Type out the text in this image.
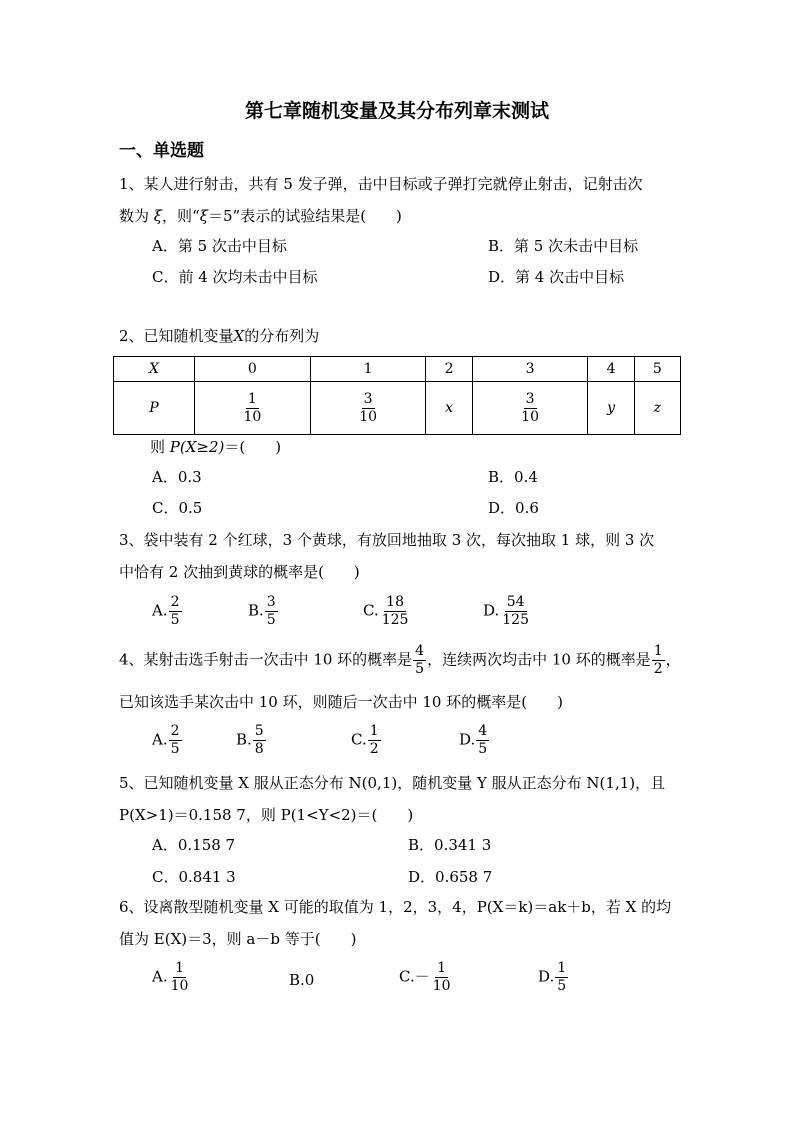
第七章随机变量及其分布列章末测试
一、单选题
1、某人进行射击，共有 5 发子弹，击中目标或子弹打完就停止射击，记射击次
数为 ξ，则“ξ＝5”表示的试验结果是(　　)
A．第 5 次击中目标	B．第 5 次未击中目标
C．前 4 次均未击中目标	D．第 4 次击中目标
2、已知随机变量X的分布列为
X	0	1	2	3	4	5
P	$\frac{1}{10}$	$\frac{3}{10}$	x	$\frac{3}{10}$	y	z
则 P(X≥2)＝(　　)
A．0.3	B．0.4
C．0.5	D．0.6
3、袋中装有 2 个红球，3 个黄球，有放回地抽取 3 次，每次抽取 1 球，则 3 次
中恰有 2 次抽到黄球的概率是(　　)
A. $\frac{2}{5}$	B. $\frac{3}{5}$	C. $\frac{18}{125}$	D. $\frac{54}{125}$
4、某射击选手射击一次击中 10 环的概率是 $\frac{4}{5}$ ，连续两次均击中 10 环的概率是 $\frac{1}{2}$ ，
已知该选手某次击中 10 环，则随后一次击中 10 环的概率是(　　)
A. $\frac{2}{5}$	B. $\frac{5}{8}$	C. $\frac{1}{2}$	D. $\frac{4}{5}$
5、已知随机变量 X 服从正态分布 N(0,1)，随机变量 Y 服从正态分布 N(1,1)，且
P(X>1)＝0.158 7，则 P(1<Y<2)＝(　　)
A．0.158 7	B．0.341 3
C．0.841 3	D．0.658 7
6、设离散型随机变量 X 可能的取值为 1，2，3，4，P(X＝k)＝ak＋b，若 X 的均
值为 E(X)＝3，则 a－b 等于(　　)
A. $\frac{1}{10}$	B.0	$C.- \frac{1}{10}$	D. $\frac{1}{5}$
